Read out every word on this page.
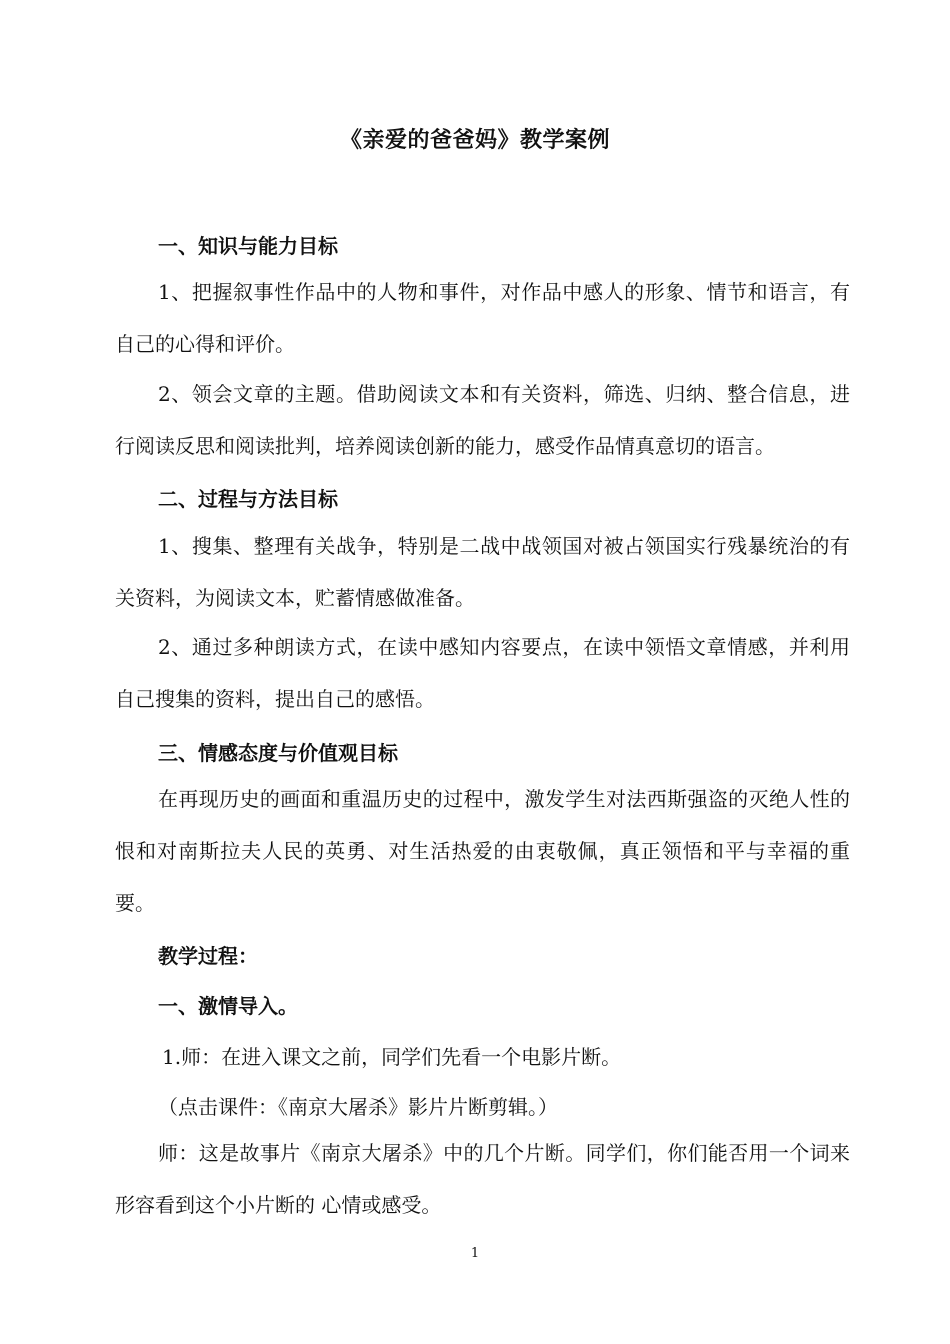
《亲爱的爸爸妈》教学案例
一、知识与能力目标
1、把握叙事性作品中的人物和事件，对作品中感人的形象、情节和语言，有自己的心得和评价。
2、领会文章的主题。借助阅读文本和有关资料，筛选、归纳、整合信息，进行阅读反思和阅读批判，培养阅读创新的能力，感受作品情真意切的语言。
二、过程与方法目标
1、搜集、整理有关战争，特别是二战中战领国对被占领国实行残暴统治的有关资料，为阅读文本，贮蓄情感做准备。
2、通过多种朗读方式，在读中感知内容要点，在读中领悟文章情感，并利用自己搜集的资料，提出自己的感悟。
三、情感态度与价值观目标
在再现历史的画面和重温历史的过程中，激发学生对法西斯强盗的灭绝人性的恨和对南斯拉夫人民的英勇、对生活热爱的由衷敬佩，真正领悟和平与幸福的重要。
教学过程：
一、激情导入。
1.师：在进入课文之前，同学们先看一个电影片断。
（点击课件：《南京大屠杀》影片片断剪辑。）
师：这是故事片《南京大屠杀》中的几个片断。同学们，你们能否用一个词来形容看到这个小片断的 心情或感受。
1
